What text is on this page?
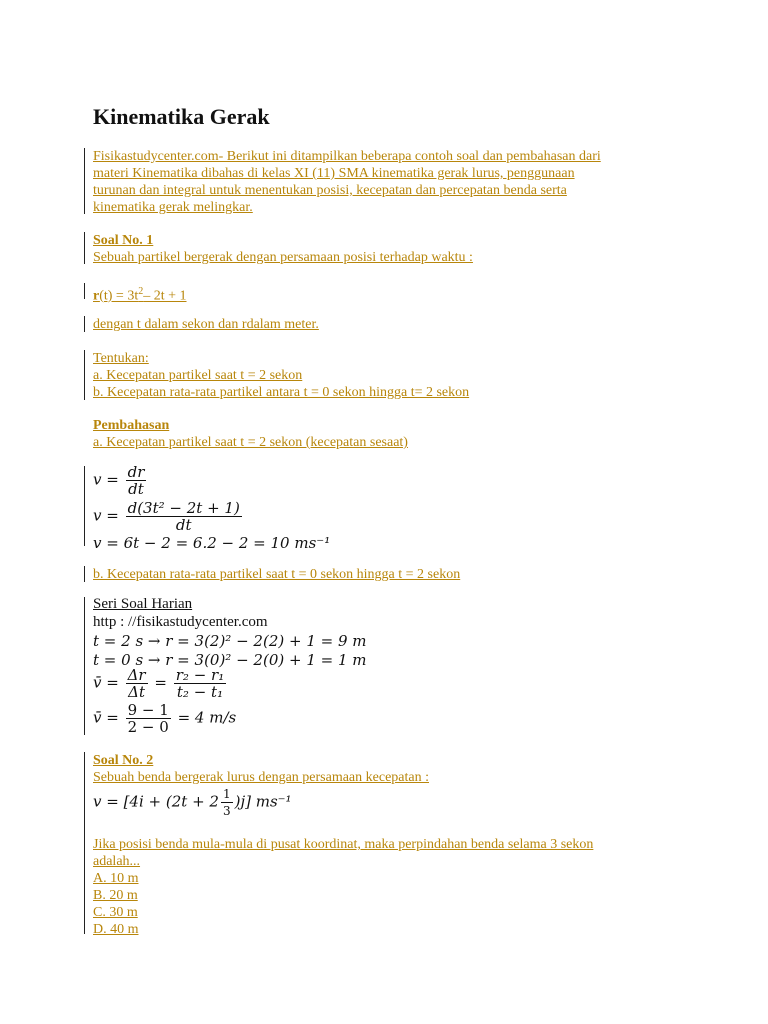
Kinematika Gerak
Fisikastudycenter.com- Berikut ini ditampilkan beberapa contoh soal dan pembahasan dari
materi Kinematika dibahas di kelas XI (11) SMA kinematika gerak lurus, penggunaan
turunan dan integral untuk menentukan posisi, kecepatan dan percepatan benda serta
kinematika gerak melingkar.
Soal No. 1
Sebuah partikel bergerak dengan persamaan posisi terhadap waktu :
$r(t) = 3t^2-$ 2t + 1
dengan t dalam sekon dan rdalam meter.
Tentukan:
a. Kecepatan partikel saat t = 2 sekon
b. Kecepatan rata-rata partikel antara t = 0 sekon hingga t= 2 sekon
Pembahasan
a. Kecepatan partikel saat t = 2 sekon (kecepatan sesaat)
$v = \frac{dr}{dt}$
$v = \frac{\text{d(3t² − 2t + 1)}}{dt}$
v = 6t − 2 = 6.2 − 2 = 10 ms⁻¹
b. Kecepatan rata-rata partikel saat t = 0 sekon hingga t = 2 sekon
Seri Soal Harian
http : //fisikastudycenter.com
t = 2 s → r = 3(2)² − 2(2) + 1 = 9 m
t = 0 s → r = 3(0)² − 2(0) + 1 = 1 m
v̄ = $\frac{\Delta r}{\Delta t} = \frac{\text{r₂ − r₁}}{\text{t₂ − t₁}}$
v̄ = $\frac{9 - 1}{2 - 0} = 4$ m/s
Soal No. 2
Sebuah benda bergerak lurus dengan persamaan kecepatan :
$v = [4i + (2t + 2 \frac{1}{3} )j]$ ms⁻¹
Jika posisi benda mula-mula di pusat koordinat, maka perpindahan benda selama 3 sekon
adalah...
A. 10 m
B. 20 m
C. 30 m
D. 40 m
